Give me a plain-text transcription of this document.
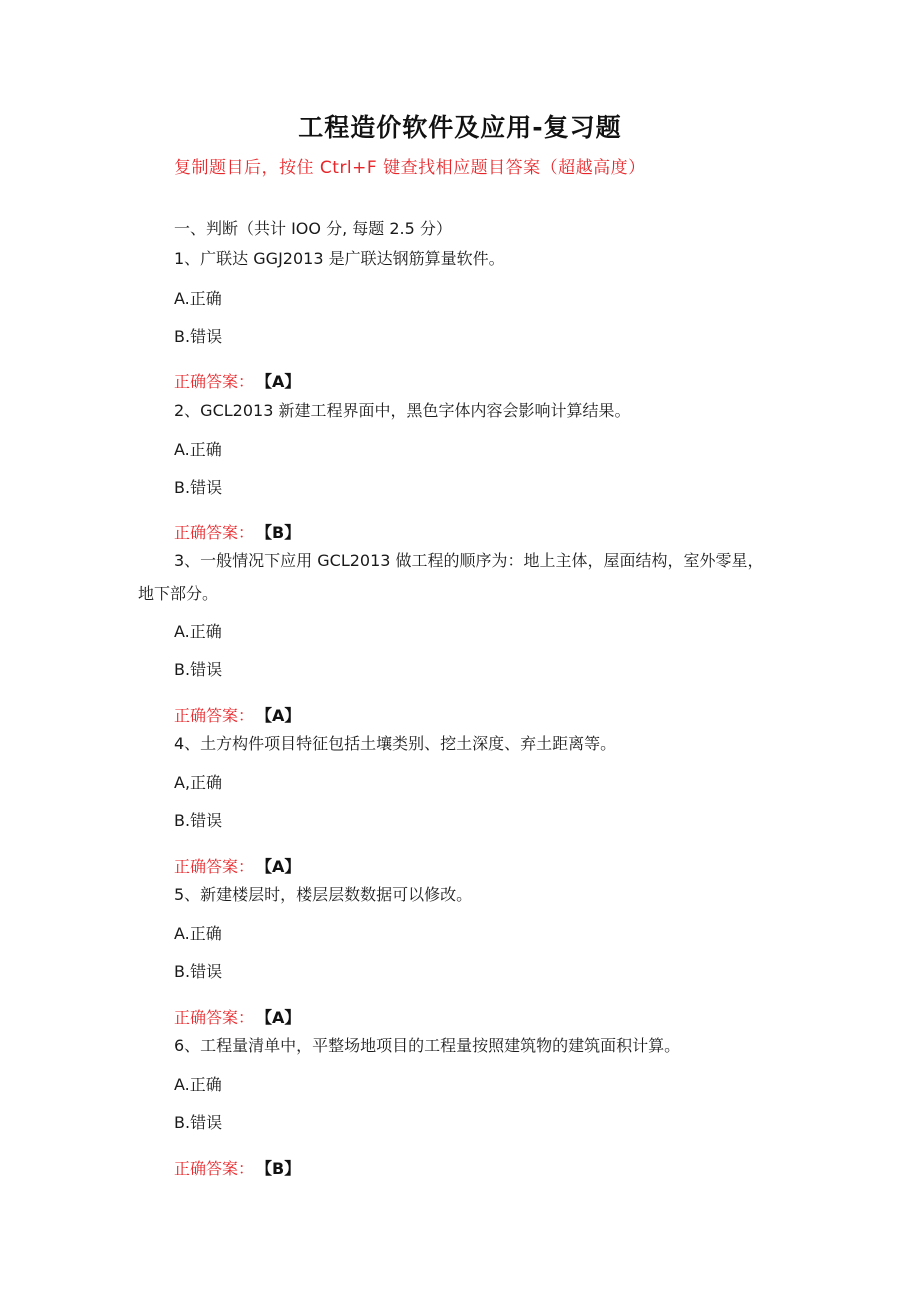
工程造价软件及应用-复习题
复制题目后，按住 Ctrl+F 键查找相应题目答案（超越高度）
一、判断（共计 IOO 分, 每题 2.5 分）
1、广联达 GGJ2013 是广联达钢筋算量软件。
A.正确
B.错误
正确答案： 【A】
2、GCL2013 新建工程界面中，黑色字体内容会影响计算结果。
A.正确
B.错误
正确答案： 【B】
3、一般情况下应用 GCL2013 做工程的顺序为：地上主体，屋面结构，室外零星，地下部分。
A.正确
B.错误
正确答案： 【A】
4、土方构件项目特征包括土壤类别、挖土深度、弃土距离等。
A,正确
B.错误
正确答案： 【A】
5、新建楼层时，楼层层数数据可以修改。
A.正确
B.错误
正确答案： 【A】
6、工程量清单中，平整场地项目的工程量按照建筑物的建筑面积计算。
A.正确
B.错误
正确答案： 【B】
